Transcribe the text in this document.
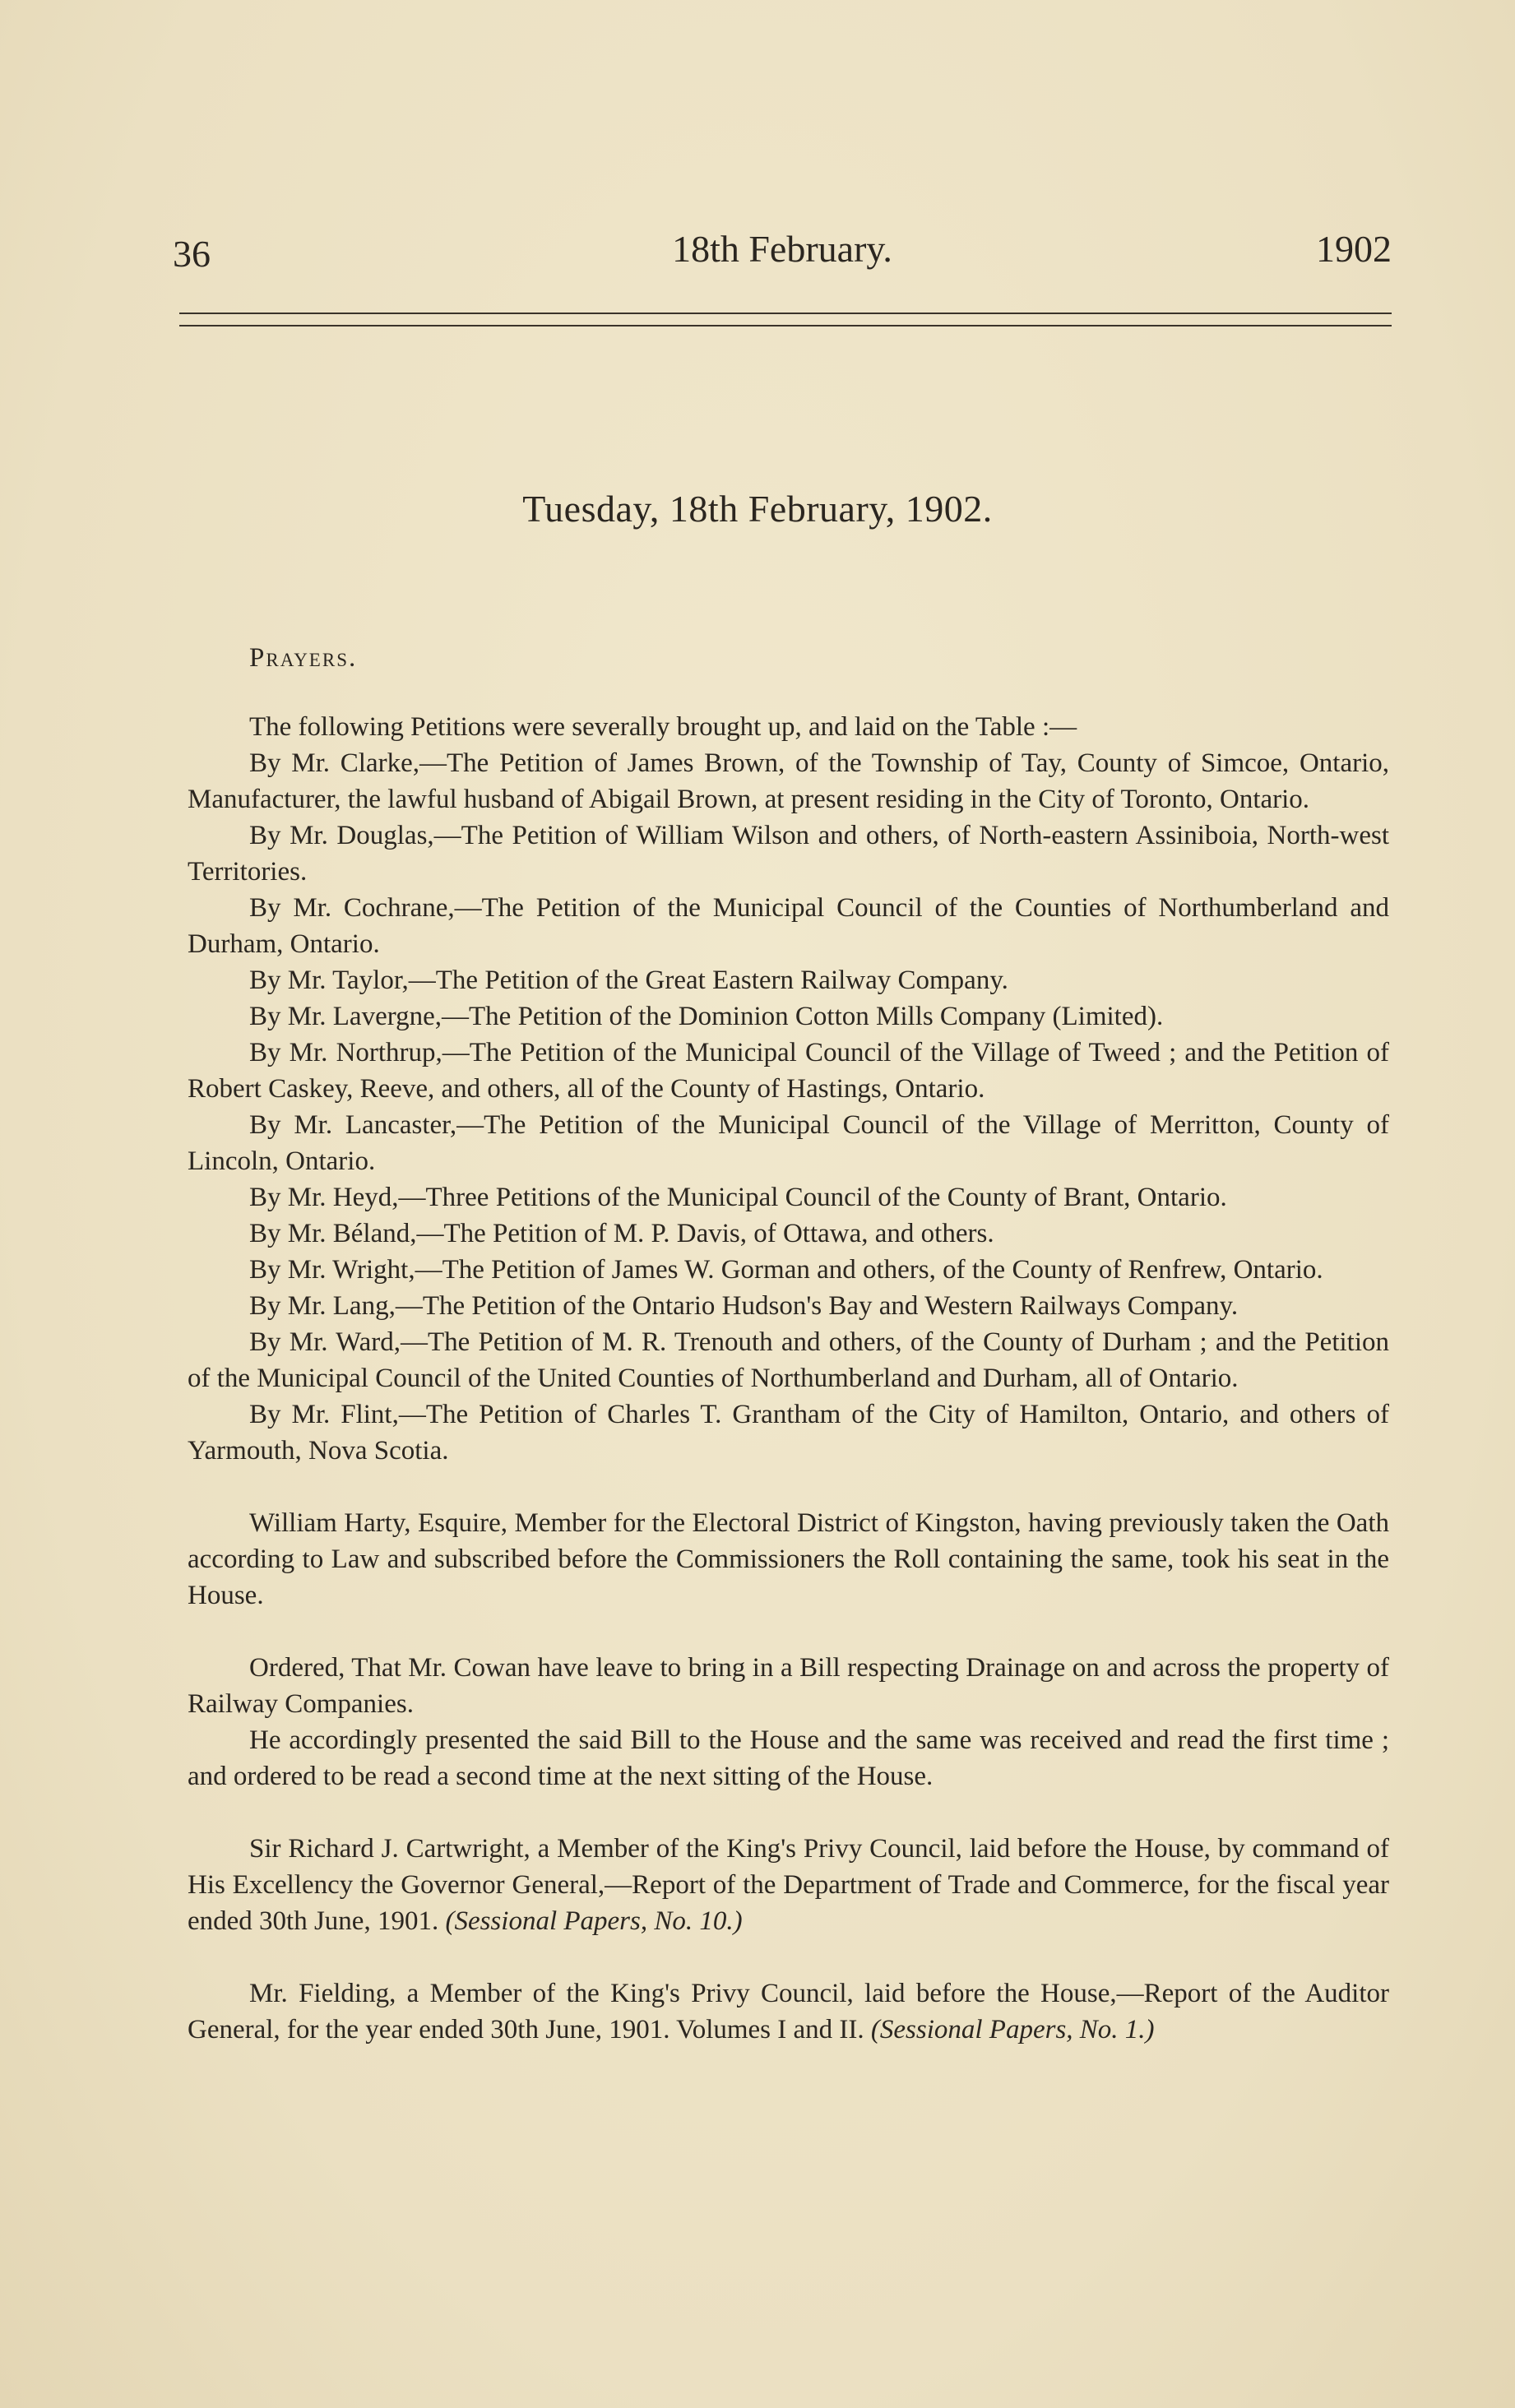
36	18th February.	1902
Tuesday, 18th February, 1902.

Prayers.

The following Petitions were severally brought up, and laid on the Table :—

By Mr. Clarke,—The Petition of James Brown, of the Township of Tay, County of Simcoe, Ontario, Manufacturer, the lawful husband of Abigail Brown, at present residing in the City of Toronto, Ontario.

By Mr. Douglas,—The Petition of William Wilson and others, of North-eastern Assiniboia, North-west Territories.

By Mr. Cochrane,—The Petition of the Municipal Council of the Counties of Northumberland and Durham, Ontario.

By Mr. Taylor,—The Petition of the Great Eastern Railway Company.

By Mr. Lavergne,—The Petition of the Dominion Cotton Mills Company (Limited).

By Mr. Northrup,—The Petition of the Municipal Council of the Village of Tweed ; and the Petition of Robert Caskey, Reeve, and others, all of the County of Hastings, Ontario.

By Mr. Lancaster,—The Petition of the Municipal Council of the Village of Merritton, County of Lincoln, Ontario.

By Mr. Heyd,—Three Petitions of the Municipal Council of the County of Brant, Ontario.

By Mr. Béland,—The Petition of M. P. Davis, of Ottawa, and others.

By Mr. Wright,—The Petition of James W. Gorman and others, of the County of Renfrew, Ontario.

By Mr. Lang,—The Petition of the Ontario Hudson's Bay and Western Railways Company.

By Mr. Ward,—The Petition of M. R. Trenouth and others, of the County of Durham ; and the Petition of the Municipal Council of the United Counties of Northumberland and Durham, all of Ontario.

By Mr. Flint,—The Petition of Charles T. Grantham of the City of Hamilton, Ontario, and others of Yarmouth, Nova Scotia.

William Harty, Esquire, Member for the Electoral District of Kingston, having previously taken the Oath according to Law and subscribed before the Commissioners the Roll containing the same, took his seat in the House.

Ordered, That Mr. Cowan have leave to bring in a Bill respecting Drainage on and across the property of Railway Companies.

He accordingly presented the said Bill to the House and the same was received and read the first time ; and ordered to be read a second time at the next sitting of the House.

Sir Richard J. Cartwright, a Member of the King's Privy Council, laid before the House, by command of His Excellency the Governor General,—Report of the Department of Trade and Commerce, for the fiscal year ended 30th June, 1901. (Sessional Papers, No. 10.)

Mr. Fielding, a Member of the King's Privy Council, laid before the House,—Report of the Auditor General, for the year ended 30th June, 1901. Volumes I and II. (Sessional Papers, No. 1.)
